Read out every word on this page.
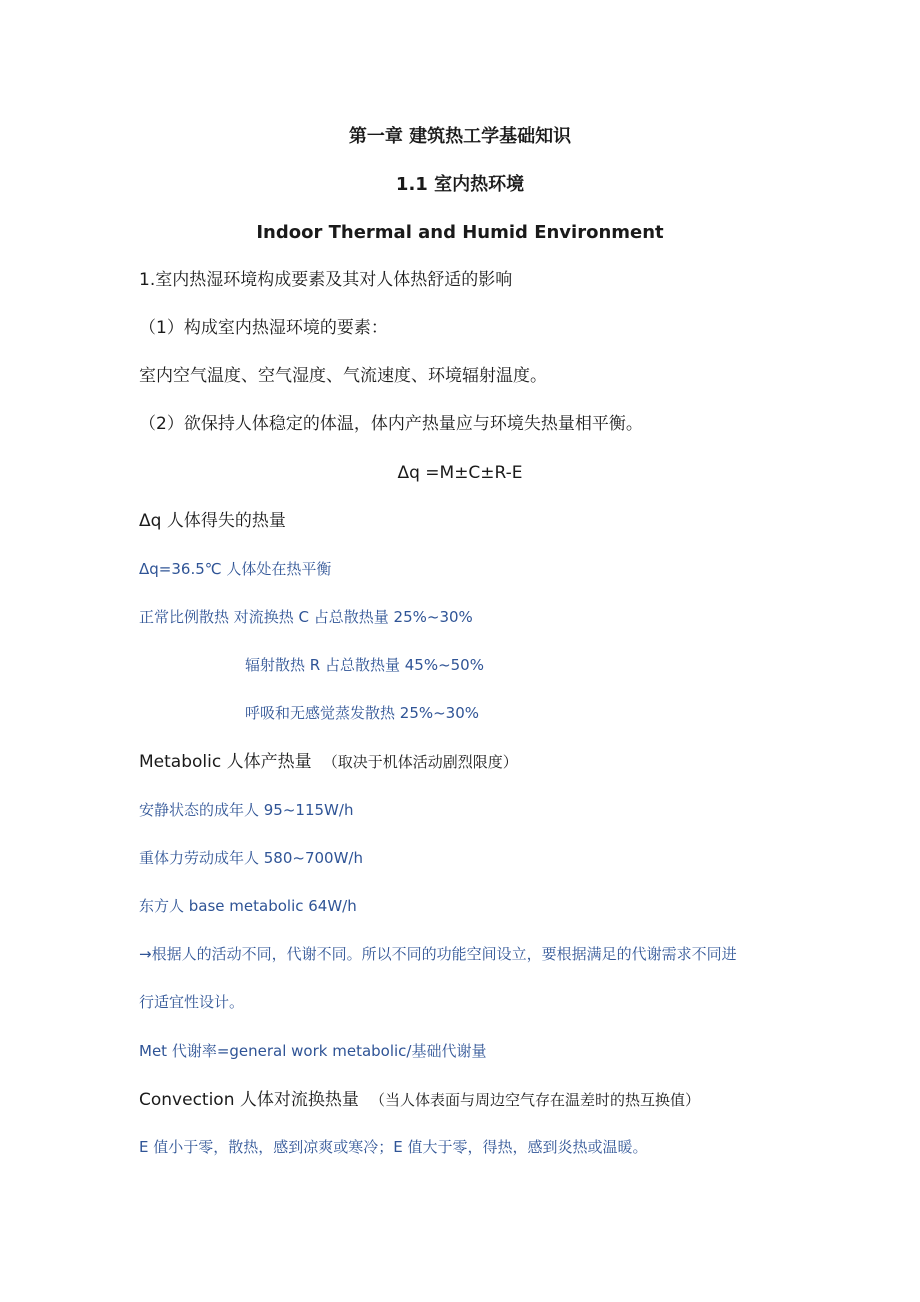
第一章 建筑热工学基础知识
1.1 室内热环境
Indoor Thermal and Humid Environment
1.室内热湿环境构成要素及其对人体热舒适的影响
（1）构成室内热湿环境的要素：
室内空气温度、空气湿度、气流速度、环境辐射温度。
（2）欲保持人体稳定的体温，体内产热量应与环境失热量相平衡。
Δq =M±C±R-E
Δq 人体得失的热量
Δq=36.5℃ 人体处在热平衡
正常比例散热 对流换热 C 占总散热量 25%~30%
辐射散热 R 占总散热量 45%~50%
呼吸和无感觉蒸发散热 25%~30%
Metabolic 人体产热量 （取决于机体活动剧烈限度）
安静状态的成年人 95~115W/h
重体力劳动成年人 580~700W/h
东方人 base metabolic 64W/h
→根据人的活动不同，代谢不同。所以不同的功能空间设立，要根据满足的代谢需求不同进
行适宜性设计。
Met 代谢率=general work metabolic/基础代谢量
Convection 人体对流换热量 （当人体表面与周边空气存在温差时的热互换值）
E 值小于零，散热，感到凉爽或寒冷；E 值大于零，得热，感到炎热或温暖。
